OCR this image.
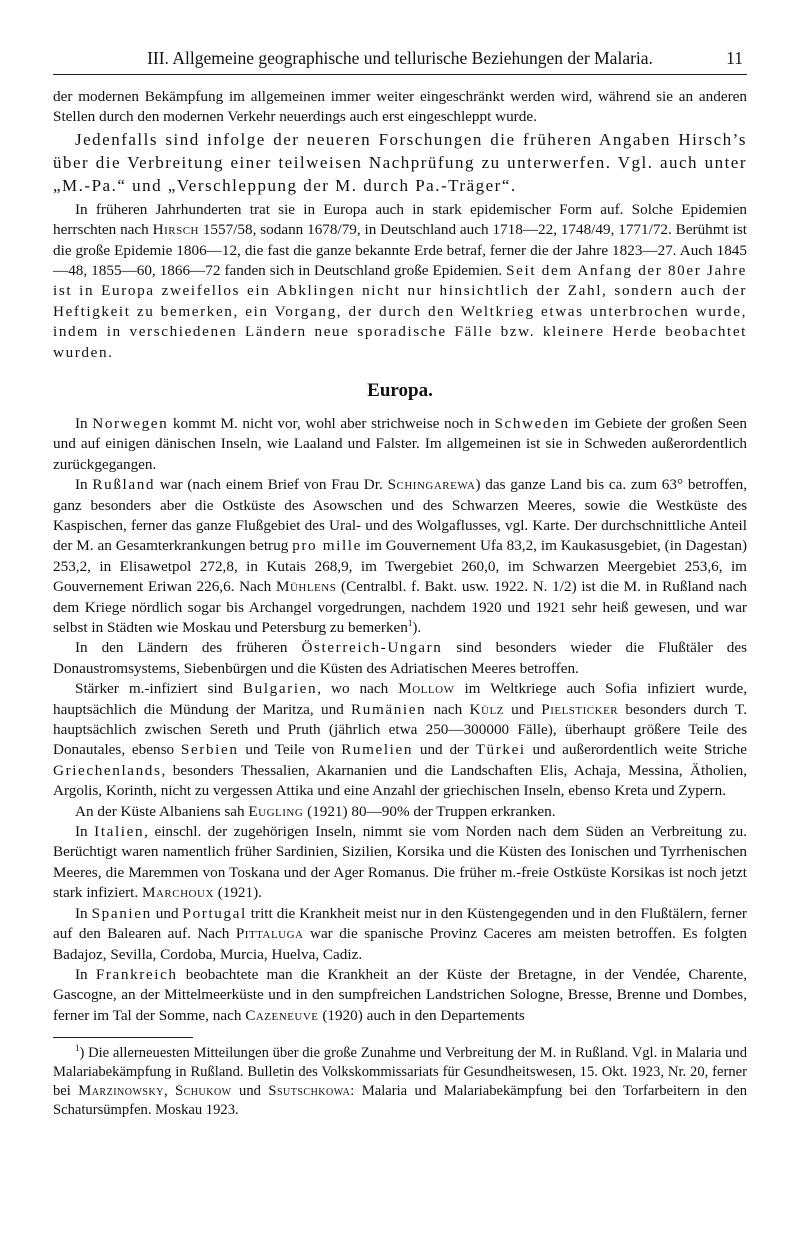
III. Allgemeine geographische und tellurische Beziehungen der Malaria.	11

der modernen Bekämpfung im allgemeinen immer weiter eingeschränkt werden wird, während sie an anderen Stellen durch den modernen Verkehr neuerdings auch erst eingeschleppt wurde.

Jedenfalls sind infolge der neueren Forschungen die früheren Angaben Hirsch’s über die Verbreitung einer teilweisen Nachprüfung zu unterwerfen. Vgl. auch unter „M.-Pa.“ und „Verschleppung der M. durch Pa.-Träger“.

In früheren Jahrhunderten trat sie in Europa auch in stark epidemischer Form auf. Solche Epidemien herrschten nach Hirsch 1557/58, sodann 1678/79, in Deutschland auch 1718—22, 1748/49, 1771/72. Berühmt ist die große Epidemie 1806—12, die fast die ganze bekannte Erde betraf, ferner die der Jahre 1823—27. Auch 1845—48, 1855—60, 1866—72 fanden sich in Deutschland große Epidemien. Seit dem Anfang der 80er Jahre ist in Europa zweifellos ein Abklingen nicht nur hinsichtlich der Zahl, sondern auch der Heftigkeit zu bemerken, ein Vorgang, der durch den Weltkrieg etwas unterbrochen wurde, indem in verschiedenen Ländern neue sporadische Fälle bzw. kleinere Herde beobachtet wurden.

Europa.

In Norwegen kommt M. nicht vor, wohl aber strichweise noch in Schweden im Gebiete der großen Seen und auf einigen dänischen Inseln, wie Laaland und Falster. Im allgemeinen ist sie in Schweden außerordentlich zurückgegangen.

In Rußland war (nach einem Brief von Frau Dr. Schingarewa) das ganze Land bis ca. zum 63° betroffen, ganz besonders aber die Ostküste des Asowschen und des Schwarzen Meeres, sowie die Westküste des Kaspischen, ferner das ganze Flußgebiet des Ural- und des Wolgaflusses, vgl. Karte. Der durchschnittliche Anteil der M. an Gesamterkrankungen betrug pro mille im Gouvernement Ufa 83,2, im Kaukasusgebiet, (in Dagestan) 253,2, in Elisawetpol 272,8, in Kutais 268,9, im Twergebiet 260,0, im Schwarzen Meergebiet 253,6, im Gouvernement Eriwan 226,6. Nach Mühlens (Centralbl. f. Bakt. usw. 1922. N. 1/2) ist die M. in Rußland nach dem Kriege nördlich sogar bis Archangel vorgedrungen, nachdem 1920 und 1921 sehr heiß gewesen, und war selbst in Städten wie Moskau und Petersburg zu bemerken$^1$).

In den Ländern des früheren Österreich-Ungarn sind besonders wieder die Flußtäler des Donaustromsystems, Siebenbürgen und die Küsten des Adriatischen Meeres betroffen.

Stärker m.-infiziert sind Bulgarien, wo nach Mollow im Weltkriege auch Sofia infiziert wurde, hauptsächlich die Mündung der Maritza, und Rumänien nach Külz und Pielsticker besonders durch T. hauptsächlich zwischen Sereth und Pruth (jährlich etwa 250—300000 Fälle), überhaupt größere Teile des Donautales, ebenso Serbien und Teile von Rumelien und der Türkei und außerordentlich weite Striche Griechenlands, besonders Thessalien, Akarnanien und die Landschaften Elis, Achaja, Messina, Ätholien, Argolis, Korinth, nicht zu vergessen Attika und eine Anzahl der griechischen Inseln, ebenso Kreta und Zypern.

An der Küste Albaniens sah Eugling (1921) 80—90% der Truppen erkranken.

In Italien, einschl. der zugehörigen Inseln, nimmt sie vom Norden nach dem Süden an Verbreitung zu. Berüchtigt waren namentlich früher Sardinien, Sizilien, Korsika und die Küsten des Ionischen und Tyrrhenischen Meeres, die Maremmen von Toskana und der Ager Romanus. Die früher m.-freie Ostküste Korsikas ist noch jetzt stark infiziert. Marchoux (1921).

In Spanien und Portugal tritt die Krankheit meist nur in den Küstengegenden und in den Flußtälern, ferner auf den Balearen auf. Nach Pittaluga war die spanische Provinz Caceres am meisten betroffen. Es folgten Badajoz, Sevilla, Cordoba, Murcia, Huelva, Cadiz.

In Frankreich beobachtete man die Krankheit an der Küste der Bretagne, in der Vendée, Charente, Gascogne, an der Mittelmeerküste und in den sumpfreichen Landstrichen Sologne, Bresse, Brenne und Dombes, ferner im Tal der Somme, nach Cazeneuve (1920) auch in den Departements

$^1$) Die allerneuesten Mitteilungen über die große Zunahme und Verbreitung der M. in Rußland. Vgl. in Malaria und Malariabekämpfung in Rußland. Bulletin des Volkskommissariats für Gesundheitswesen, 15. Okt. 1923, Nr. 20, ferner bei Marzinowsky, Schukow und Ssutschkowa: Malaria und Malariabekämpfung bei den Torfarbeitern in den Schatursümpfen. Moskau 1923.
